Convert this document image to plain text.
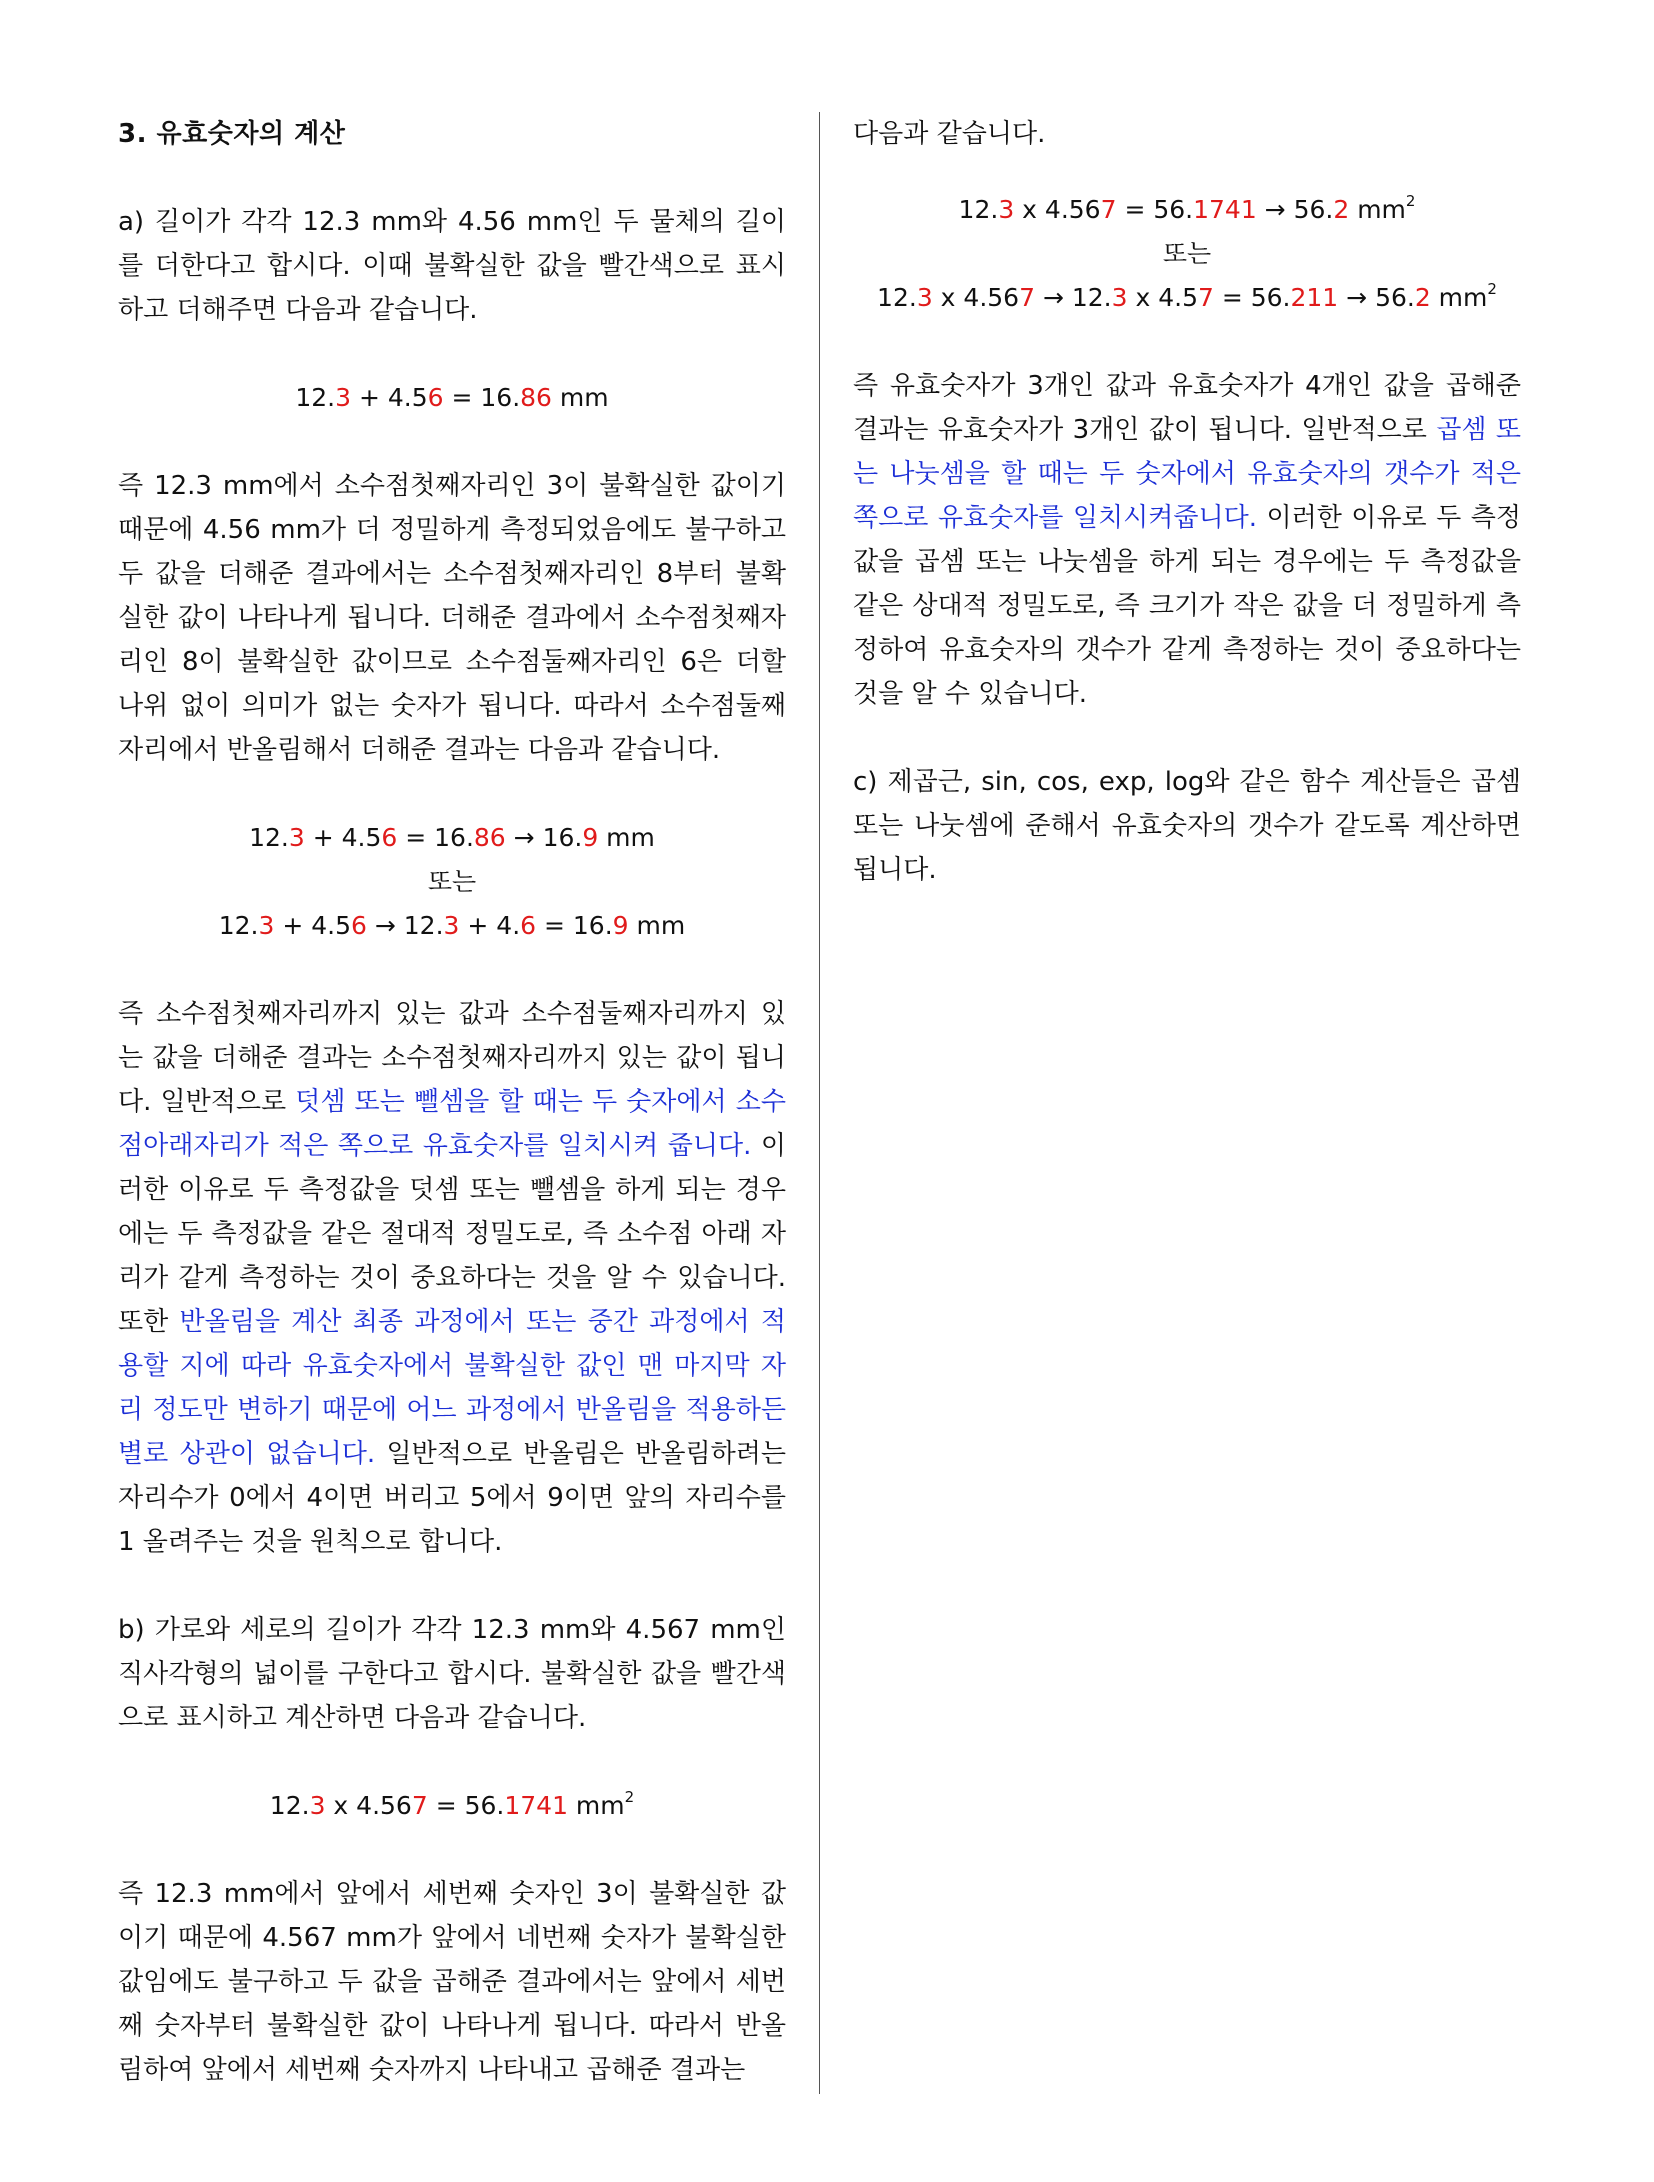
3. 유효숫자의 계산

a) 길이가 각각 12.3 mm와 4.56 mm인 두 물체의 길이를 더한다고 합시다. 이때 불확실한 값을 빨간색으로 표시하고 더해주면 다음과 같습니다.

12.3 + 4.56 = 16.86 mm

즉 12.3 mm에서 소수점첫째자리인 3이 불확실한 값이기 때문에 4.56 mm가 더 정밀하게 측정되었음에도 불구하고 두 값을 더해준 결과에서는 소수점첫째자리인 8부터 불확실한 값이 나타나게 됩니다. 더해준 결과에서 소수점첫째자리인 8이 불확실한 값이므로 소수점둘째자리인 6은 더할 나위 없이 의미가 없는 숫자가 됩니다. 따라서 소수점둘째자리에서 반올림해서 더해준 결과는 다음과 같습니다.

12.3 + 4.56 = 16.86 → 16.9 mm
또는
12.3 + 4.56 → 12.3 + 4.6 = 16.9 mm

즉 소수점첫째자리까지 있는 값과 소수점둘째자리까지 있는 값을 더해준 결과는 소수점첫째자리까지 있는 값이 됩니다. 일반적으로 덧셈 또는 뺄셈을 할 때는 두 숫자에서 소수점아래자리가 적은 쪽으로 유효숫자를 일치시켜 줍니다. 이러한 이유로 두 측정값을 덧셈 또는 뺄셈을 하게 되는 경우에는 두 측정값을 같은 절대적 정밀도로, 즉 소수점 아래 자리가 같게 측정하는 것이 중요하다는 것을 알 수 있습니다. 또한 반올림을 계산 최종 과정에서 또는 중간 과정에서 적용할 지에 따라 유효숫자에서 불확실한 값인 맨 마지막 자리 정도만 변하기 때문에 어느 과정에서 반올림을 적용하든 별로 상관이 없습니다. 일반적으로 반올림은 반올림하려는 자리수가 0에서 4이면 버리고 5에서 9이면 앞의 자리수를 1 올려주는 것을 원칙으로 합니다.

b) 가로와 세로의 길이가 각각 12.3 mm와 4.567 mm인 직사각형의 넓이를 구한다고 합시다. 불확실한 값을 빨간색으로 표시하고 계산하면 다음과 같습니다.

12.3 x 4.567 = 56.1741 $mm^2$

즉 12.3 mm에서 앞에서 세번째 숫자인 3이 불확실한 값이기 때문에 4.567 mm가 앞에서 네번째 숫자가 불확실한 값임에도 불구하고 두 값을 곱해준 결과에서는 앞에서 세번째 숫자부터 불확실한 값이 나타나게 됩니다. 따라서 반올림하여 앞에서 세번째 숫자까지 나타내고 곱해준 결과는

다음과 같습니다.

12.3 x 4.567 = 56.1741 → 56.2 $mm^2$
또는
12.3 x 4.567 → 12.3 x 4.57 = 56.211 → 56.2 $mm^2$

즉 유효숫자가 3개인 값과 유효숫자가 4개인 값을 곱해준 결과는 유효숫자가 3개인 값이 됩니다. 일반적으로 곱셈 또는 나눗셈을 할 때는 두 숫자에서 유효숫자의 갯수가 적은 쪽으로 유효숫자를 일치시켜줍니다. 이러한 이유로 두 측정값을 곱셈 또는 나눗셈을 하게 되는 경우에는 두 측정값을 같은 상대적 정밀도로, 즉 크기가 작은 값을 더 정밀하게 측정하여 유효숫자의 갯수가 같게 측정하는 것이 중요하다는 것을 알 수 있습니다.

c) 제곱근, sin, cos, exp, log와 같은 함수 계산들은 곱셈 또는 나눗셈에 준해서 유효숫자의 갯수가 같도록 계산하면 됩니다.
